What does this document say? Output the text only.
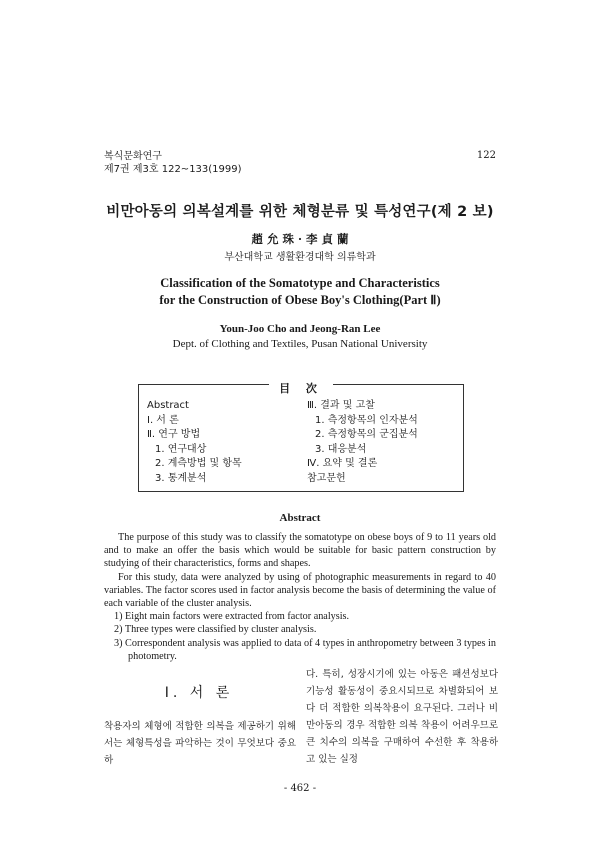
복식문화연구
제7권 제3호 122~133(1999)
122
비만아동의 의복설계를 위한 체형분류 및 특성연구(제 2 보)
趙 允 珠 · 李 貞 蘭
부산대학교 생활환경대학 의류학과
Classification of the Somatotype and Characteristics
for the Construction of Obese Boy's Clothing(Part Ⅱ)
Youn-Joo Cho and Jeong-Ran Lee
Dept. of Clothing and Textiles, Pusan National University
目 次
Abstract
Ⅰ. 서 론
Ⅱ. 연구 방법
1. 연구대상
2. 계측방법 및 항목
3. 통계분석
Ⅲ. 결과 및 고찰
1. 측정항목의 인자분석
2. 측정항목의 군집분석
3. 대응분석
Ⅳ. 요약 및 결론
참고문헌
Abstract

The purpose of this study was to classify the somatotype on obese boys of 9 to 11 years old and to make an offer the basis which would be suitable for basic pattern construction by studying of their characteristics, forms and shapes.

For this study, data were analyzed by using of photographic measurements in regard to 40 variables. The factor scores used in factor analysis become the basis of determining the value of each variable of the cluster analysis.

1) Eight main factors were extracted from factor analysis.

2) Three types were classified by cluster analysis.

3) Correspondent analysis was applied to data of 4 types in anthropometry between 3 types in photometry.

Ⅰ. 서 론

착용자의 체형에 적합한 의복을 제공하기 위해서는 체형특성을 파악하는 것이 무엇보다 중요하

다. 특히, 성장시기에 있는 아동은 패션성보다 기능성 활동성이 중요시되므로 차별화되어 보다 더 적합한 의복착용이 요구된다. 그러나 비만아동의 경우 적합한 의복 착용이 어려우므로 큰 치수의 의복을 구매하여 수선한 후 착용하고 있는 실정

- 462 -
